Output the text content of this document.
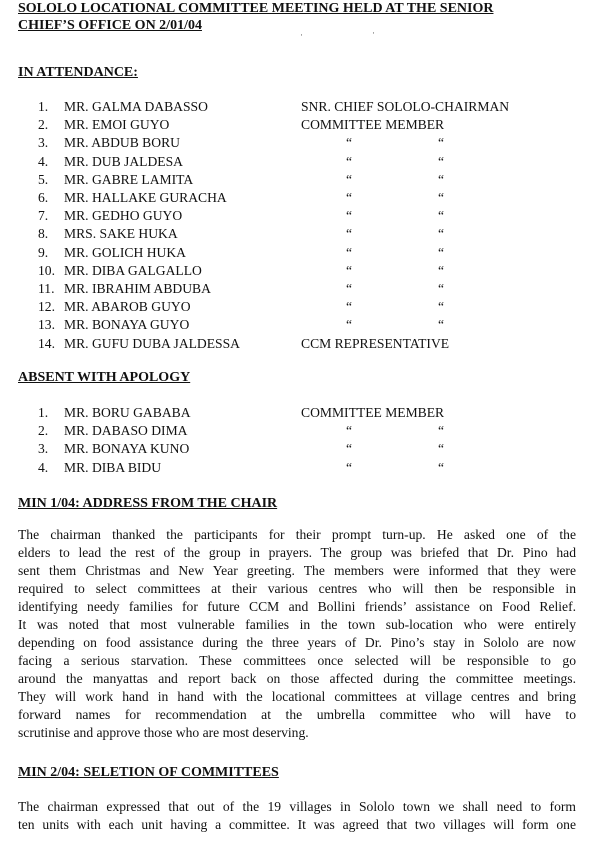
SOLOLO LOCATIONAL COMMITTEE MEETING HELD AT THE SENIOR
CHIEF’S OFFICE ON 2/01/04
·	·
IN ATTENDANCE:
1. MR. GALMA DABASSO	SNR. CHIEF SOLOLO-CHAIRMAN
2. MR. EMOI GUYO	COMMITTEE MEMBER
3. MR. ABDUB BORU	“	“
4. MR. DUB JALDESA	“	“
5. MR. GABRE LAMITA	“	“
6. MR. HALLAKE GURACHA	“	“
7. MR. GEDHO GUYO	“	“
8. MRS. SAKE HUKA	“	“
9. MR. GOLICH HUKA	“	“
10. MR. DIBA GALGALLO	“	“
11. MR. IBRAHIM ABDUBA	“	“
12. MR. ABAROB GUYO	“	“
13. MR. BONAYA GUYO	“	“
14. MR. GUFU DUBA JALDESSA	CCM REPRESENTATIVE
ABSENT WITH APOLOGY
1. MR. BORU GABABA	COMMITTEE MEMBER
2. MR. DABASO DIMA	“	“
3. MR. BONAYA KUNO	“	“
4. MR. DIBA BIDU	“	“
MIN 1/04: ADDRESS FROM THE CHAIR
The chairman thanked the participants for their prompt turn-up. He asked one of the
elders to lead the rest of the group in prayers. The group was briefed that Dr. Pino had
sent them Christmas and New Year greeting. The members were informed that they were
required to select committees at their various centres who will then be responsible in
identifying needy families for future CCM and Bollini friends’ assistance on Food Relief.
It was noted that most vulnerable families in the town sub-location who were entirely
depending on food assistance during the three years of Dr. Pino’s stay in Sololo are now
facing a serious starvation. These committees once selected will be responsible to go
around the manyattas and report back on those affected during the committee meetings.
They will work hand in hand with the locational committees at village centres and bring
forward names for recommendation at the umbrella committee who will have to
scrutinise and approve those who are most deserving.
MIN 2/04: SELETION OF COMMITTEES
The chairman expressed that out of the 19 villages in Sololo town we shall need to form
ten units with each unit having a committee. It was agreed that two villages will form one
